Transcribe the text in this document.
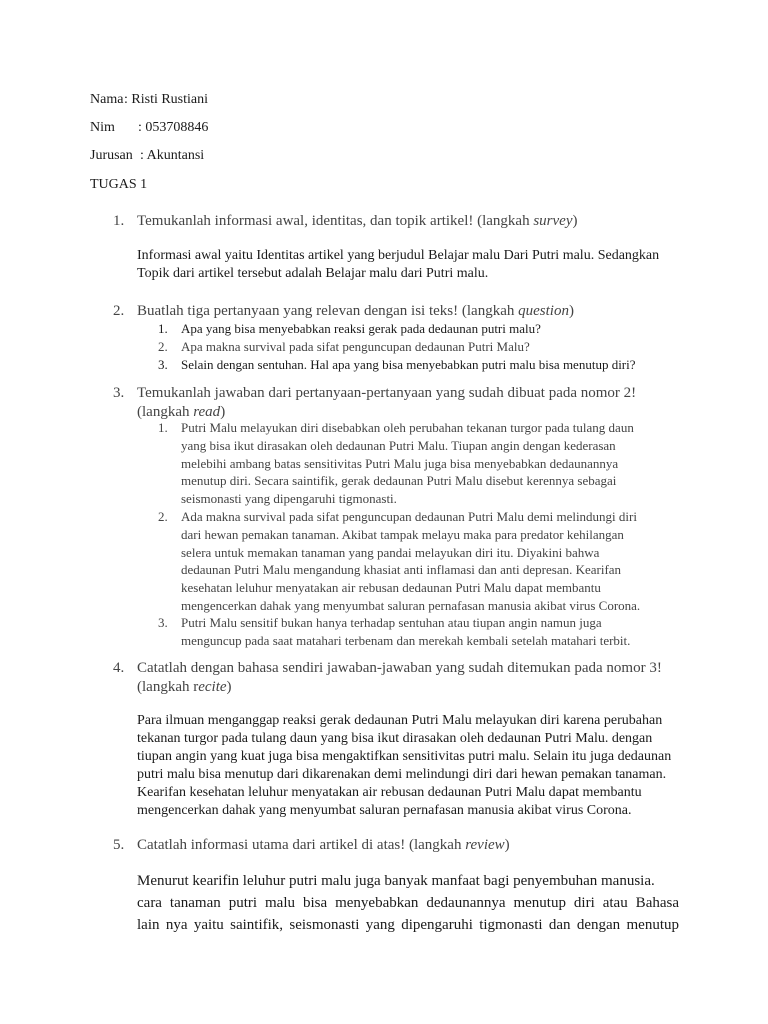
Nama : Risti Rustiani
Nim : 053708846
Jurusan : Akuntansi
TUGAS 1
1. Temukanlah informasi awal, identitas, dan topik artikel! (langkah survey)
Informasi awal yaitu Identitas artikel yang berjudul Belajar malu Dari Putri malu. Sedangkan
Topik dari artikel tersebut adalah Belajar malu dari Putri malu.
2. Buatlah tiga pertanyaan yang relevan dengan isi teks! (langkah question)
1. Apa yang bisa menyebabkan reaksi gerak pada dedaunan putri malu?
2. Apa makna survival pada sifat penguncupan dedaunan Putri Malu?
3. Selain dengan sentuhan. Hal apa yang bisa menyebabkan putri malu bisa menutup diri?
3. Temukanlah jawaban dari pertanyaan-pertanyaan yang sudah dibuat pada nomor 2!
(langkah read)
1. Putri Malu melayukan diri disebabkan oleh perubahan tekanan turgor pada tulang daun
yang bisa ikut dirasakan oleh dedaunan Putri Malu. Tiupan angin dengan kederasan
melebihi ambang batas sensitivitas Putri Malu juga bisa menyebabkan dedaunannya
menutup diri. Secara saintifik, gerak dedaunan Putri Malu disebut kerennya sebagai
seismonasti yang dipengaruhi tigmonasti.
2. Ada makna survival pada sifat penguncupan dedaunan Putri Malu demi melindungi diri
dari hewan pemakan tanaman. Akibat tampak melayu maka para predator kehilangan
selera untuk memakan tanaman yang pandai melayukan diri itu. Diyakini bahwa
dedaunan Putri Malu mengandung khasiat anti inflamasi dan anti depresan. Kearifan
kesehatan leluhur menyatakan air rebusan dedaunan Putri Malu dapat membantu
mengencerkan dahak yang menyumbat saluran pernafasan manusia akibat virus Corona.
3. Putri Malu sensitif bukan hanya terhadap sentuhan atau tiupan angin namun juga
menguncup pada saat matahari terbenam dan merekah kembali setelah matahari terbit.
4. Catatlah dengan bahasa sendiri jawaban-jawaban yang sudah ditemukan pada nomor 3!
(langkah recite)
Para ilmuan menganggap reaksi gerak dedaunan Putri Malu melayukan diri karena perubahan
tekanan turgor pada tulang daun yang bisa ikut dirasakan oleh dedaunan Putri Malu. dengan
tiupan angin yang kuat juga bisa mengaktifkan sensitivitas putri malu. Selain itu juga dedaunan
putri malu bisa menutup dari dikarenakan demi melindungi diri dari hewan pemakan tanaman.
Kearifan kesehatan leluhur menyatakan air rebusan dedaunan Putri Malu dapat membantu
mengencerkan dahak yang menyumbat saluran pernafasan manusia akibat virus Corona.
5. Catatlah informasi utama dari artikel di atas! (langkah review)

Menurut kearifin leluhur putri malu juga banyak manfaat bagi penyembuhan manusia.

cara tanaman putri malu bisa menyebabkan dedaunannya menutup diri atau Bahasa

lain nya yaitu saintifik, seismonasti yang dipengaruhi tigmonasti dan dengan menutup
